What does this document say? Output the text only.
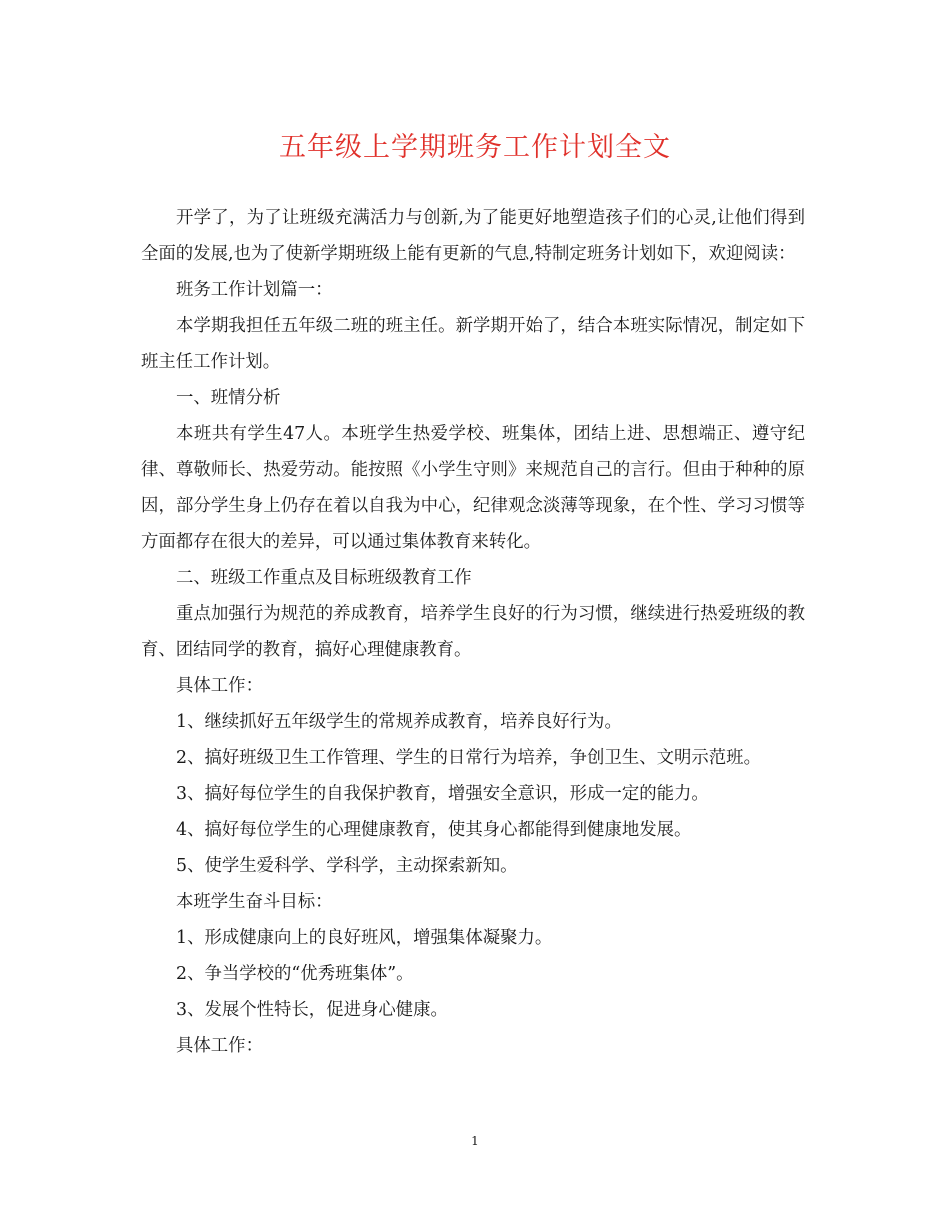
五年级上学期班务工作计划全文

开学了，为了让班级充满活力与创新,为了能更好地塑造孩子们的心灵,让他们得到全面的发展,也为了使新学期班级上能有更新的气息,特制定班务计划如下，欢迎阅读：

班务工作计划篇一：

本学期我担任五年级二班的班主任。新学期开始了，结合本班实际情况，制定如下班主任工作计划。

一、班情分析

本班共有学生47人。本班学生热爱学校、班集体，团结上进、思想端正、遵守纪律、尊敬师长、热爱劳动。能按照《小学生守则》来规范自己的言行。但由于种种的原因，部分学生身上仍存在着以自我为中心，纪律观念淡薄等现象，在个性、学习习惯等方面都存在很大的差异，可以通过集体教育来转化。

二、班级工作重点及目标班级教育工作

重点加强行为规范的养成教育，培养学生良好的行为习惯，继续进行热爱班级的教育、团结同学的教育，搞好心理健康教育。

具体工作：

1、继续抓好五年级学生的常规养成教育，培养良好行为。

2、搞好班级卫生工作管理、学生的日常行为培养，争创卫生、文明示范班。

3、搞好每位学生的自我保护教育，增强安全意识，形成一定的能力。

4、搞好每位学生的心理健康教育，使其身心都能得到健康地发展。

5、使学生爱科学、学科学，主动探索新知。

本班学生奋斗目标：

1、形成健康向上的良好班风，增强集体凝聚力。

2、争当学校的“优秀班集体”。

3、发展个性特长，促进身心健康。

具体工作：

1
